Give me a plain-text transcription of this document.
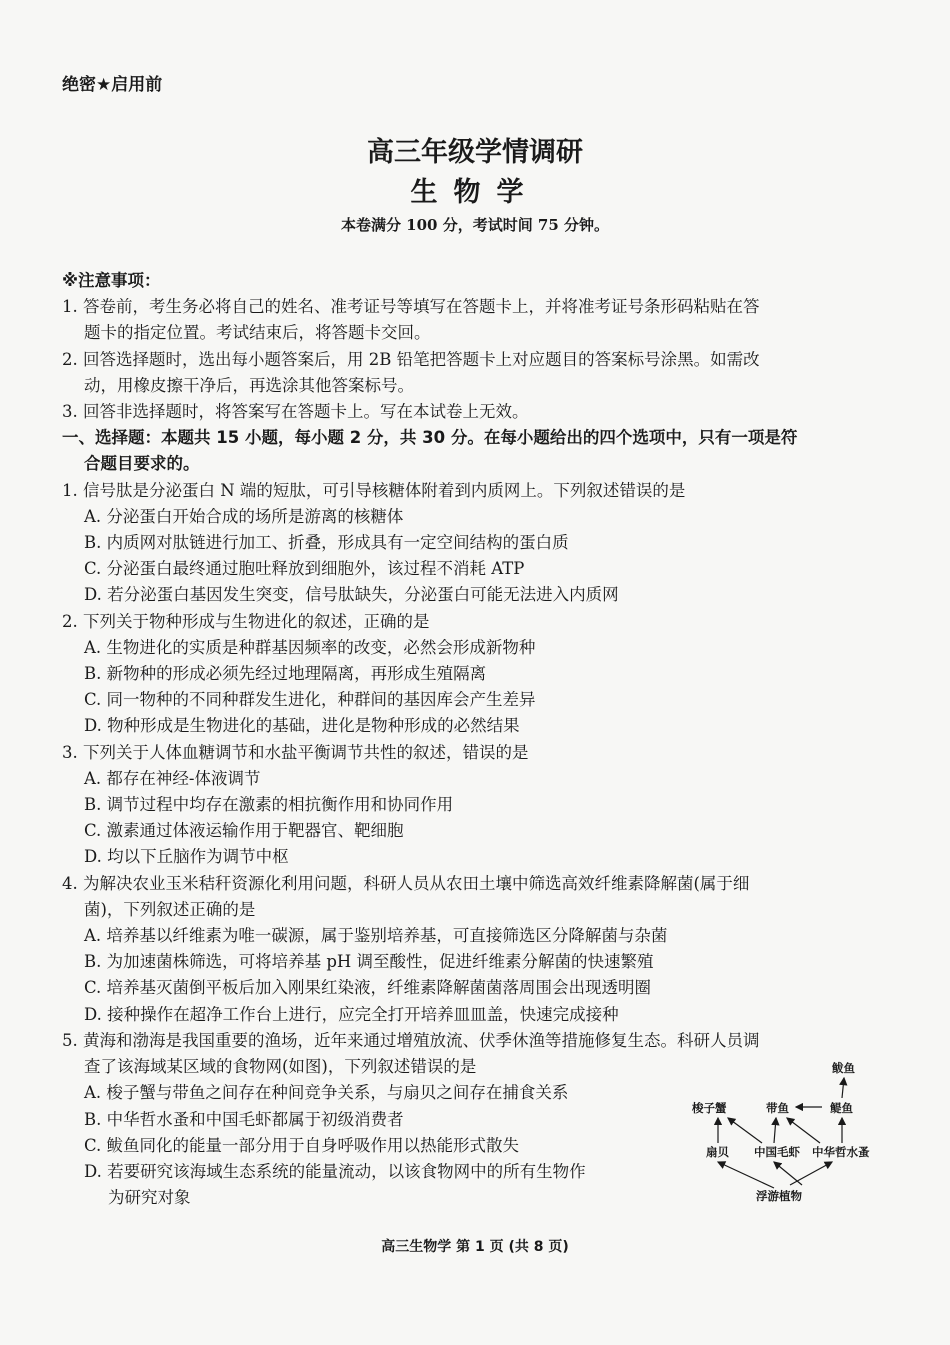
绝密★启用前
高三年级学情调研
生物学
本卷满分 100 分，考试时间 75 分钟。
※注意事项：
1. 答卷前，考生务必将自己的姓名、准考证号等填写在答题卡上，并将准考证号条形码粘贴在答
题卡的指定位置。考试结束后，将答题卡交回。
2. 回答选择题时，选出每小题答案后，用 2B 铅笔把答题卡上对应题目的答案标号涂黑。如需改
动，用橡皮擦干净后，再选涂其他答案标号。
3. 回答非选择题时，将答案写在答题卡上。写在本试卷上无效。
一、选择题：本题共 15 小题，每小题 2 分，共 30 分。在每小题给出的四个选项中，只有一项是符
合题目要求的。
1. 信号肽是分泌蛋白 N 端的短肽，可引导核糖体附着到内质网上。下列叙述错误的是
A. 分泌蛋白开始合成的场所是游离的核糖体
B. 内质网对肽链进行加工、折叠，形成具有一定空间结构的蛋白质
C. 分泌蛋白最终通过胞吐释放到细胞外，该过程不消耗 ATP
D. 若分泌蛋白基因发生突变，信号肽缺失，分泌蛋白可能无法进入内质网
2. 下列关于物种形成与生物进化的叙述，正确的是
A. 生物进化的实质是种群基因频率的改变，必然会形成新物种
B. 新物种的形成必须先经过地理隔离，再形成生殖隔离
C. 同一物种的不同种群发生进化，种群间的基因库会产生差异
D. 物种形成是生物进化的基础，进化是物种形成的必然结果
3. 下列关于人体血糖调节和水盐平衡调节共性的叙述，错误的是
A. 都存在神经-体液调节
B. 调节过程中均存在激素的相抗衡作用和协同作用
C. 激素通过体液运输作用于靶器官、靶细胞
D. 均以下丘脑作为调节中枢
4. 为解决农业玉米秸秆资源化利用问题，科研人员从农田土壤中筛选高效纤维素降解菌(属于细
菌)，下列叙述正确的是
A. 培养基以纤维素为唯一碳源，属于鉴别培养基，可直接筛选区分降解菌与杂菌
B. 为加速菌株筛选，可将培养基 pH 调至酸性，促进纤维素分解菌的快速繁殖
C. 培养基灭菌倒平板后加入刚果红染液，纤维素降解菌菌落周围会出现透明圈
D. 接种操作在超净工作台上进行，应完全打开培养皿皿盖，快速完成接种
5. 黄海和渤海是我国重要的渔场，近年来通过增殖放流、伏季休渔等措施修复生态。科研人员调
查了该海域某区域的食物网(如图)，下列叙述错误的是
A. 梭子蟹与带鱼之间存在种间竞争关系，与扇贝之间存在捕食关系
B. 中华哲水蚤和中国毛虾都属于初级消费者
C. 鲅鱼同化的能量一部分用于自身呼吸作用以热能形式散失
D. 若要研究该海域生态系统的能量流动，以该食物网中的所有生物作
为研究对象
鲅鱼
梭子蟹	带鱼	鳀鱼
扇贝 中国毛虾 中华哲水蚤
浮游植物
高三生物学 第 1 页 (共 8 页)
